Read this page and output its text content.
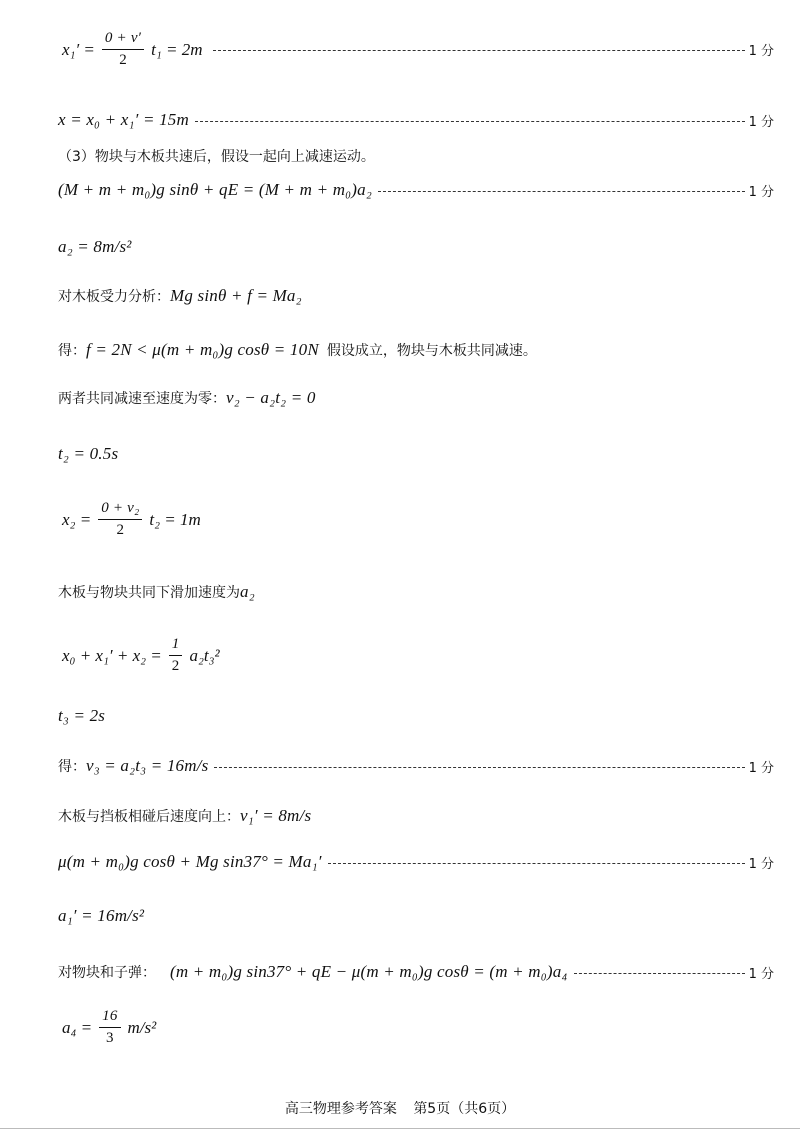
$x_1' = \frac{0 + v'}{2} t_1 = 2m$	1 分
x = x₀ + x₁′ = 15m	1 分
（3）物块与木板共速后，假设一起向上减速运动。
(M + m + m₀)g sinθ + qE = (M + m + m₀)a₂	1 分
a₂ = 8m/s²
对木板受力分析： Mg sinθ + f = Ma₂
得： f = 2N < μ(m + m₀)g cosθ = 10N 假设成立，物块与木板共同减速。
两者共同减速至速度为零： v₂ − a₂t₂ = 0
t₂ = 0.5s
$x_2 = \frac{\text{0 + v₂}}{2} t_2 = 1m$
木板与物块共同下滑加速度为 a₂
$x_0 + x_1' + x_2 = \frac{1}{2} a_2t_3^2$
t₃ = 2s
得： v₃ = a₂t₃ = 16m/s	1 分
木板与挡板相碰后速度向上： v₁′ = 8m/s
μ(m + m₀)g cosθ + Mg sin37° = Ma₁′	1 分
a₁′ = 16m/s²
对物块和子弹： (m + m₀)g sin37° + qE − μ(m + m₀)g cosθ = (m + m₀)a₄	1 分
$a_4 = \frac{16}{3} m/s^2$
高三物理参考答案 第5页（共6页）
